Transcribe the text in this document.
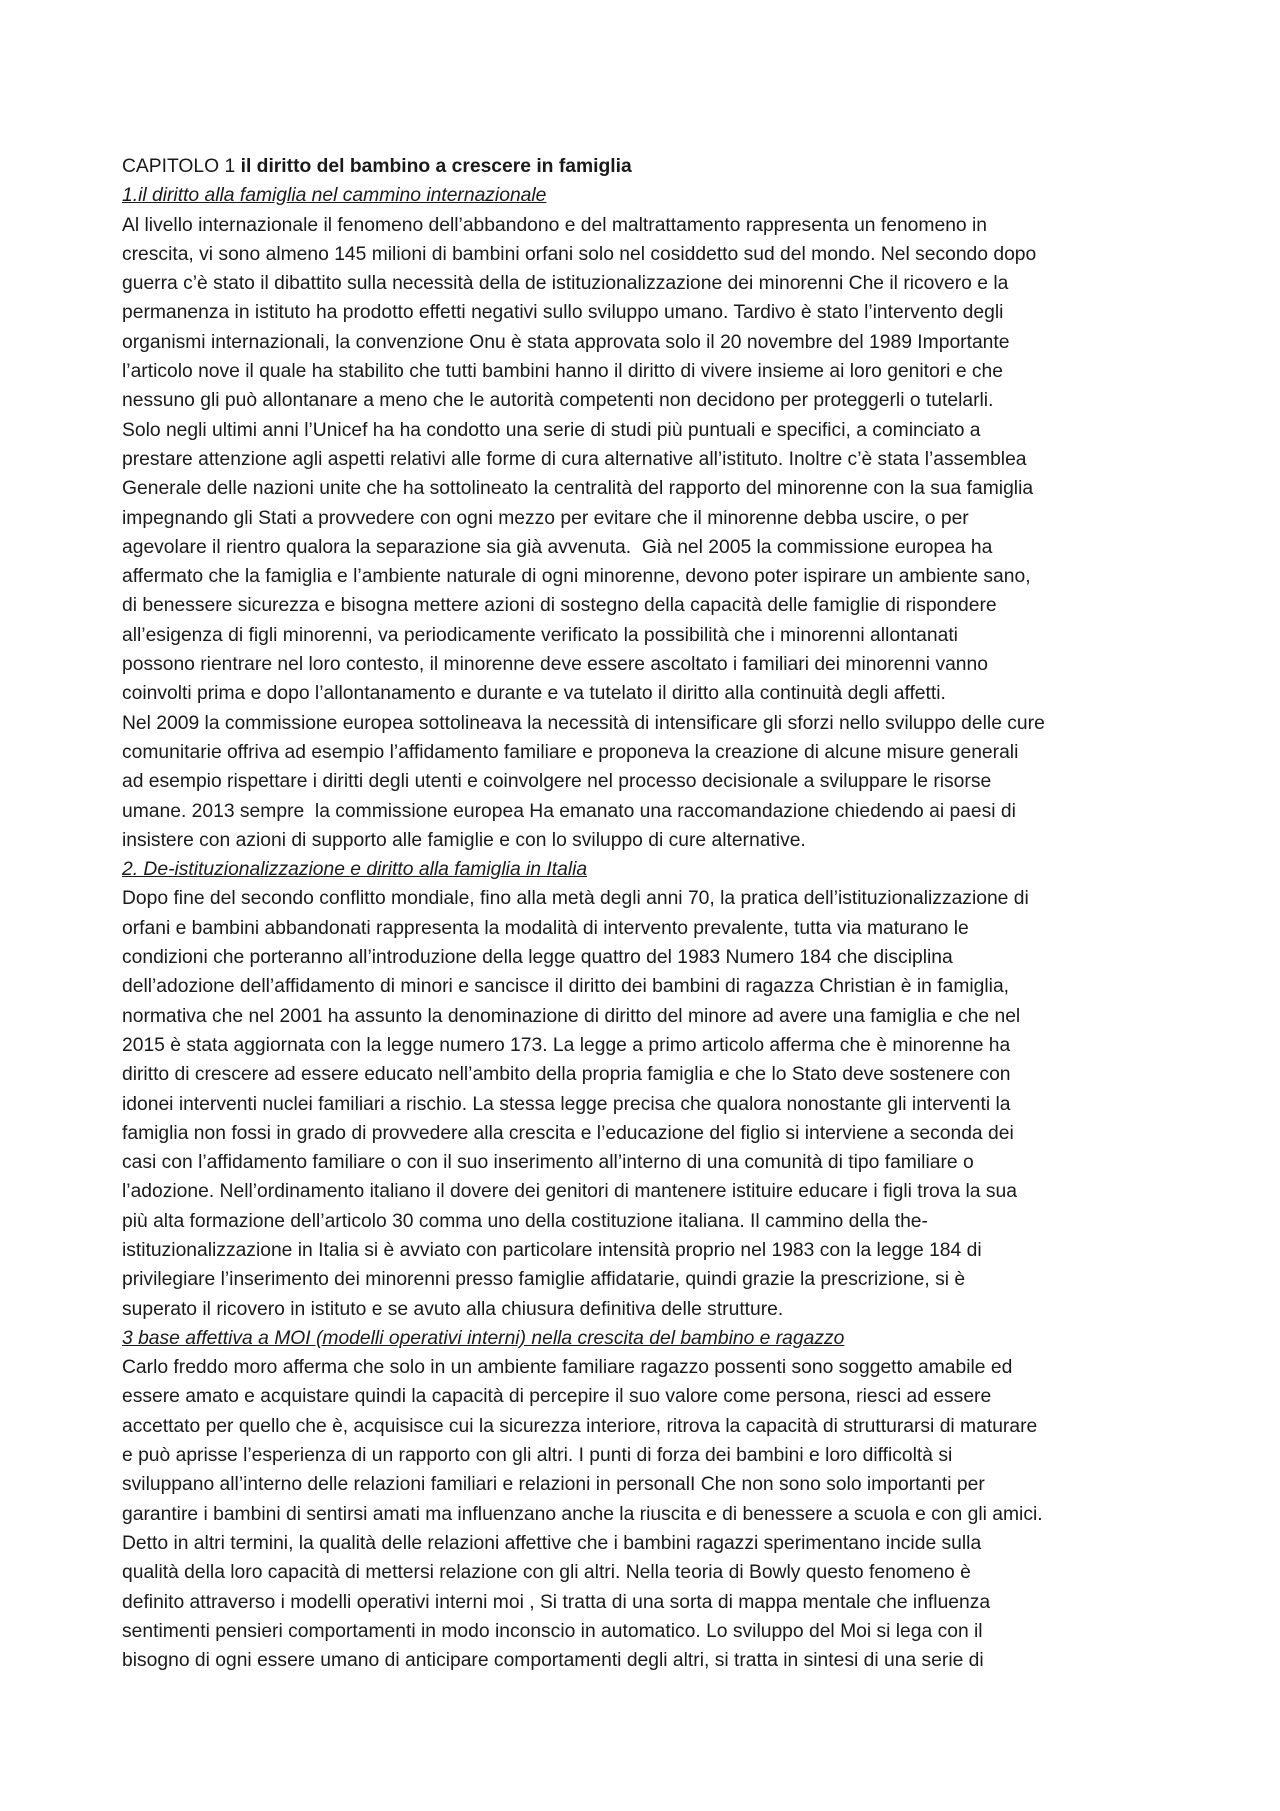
CAPITOLO 1 il diritto del bambino a crescere in famiglia
1.il diritto alla famiglia nel cammino internazionale
Al livello internazionale il fenomeno dell’abbandono e del maltrattamento rappresenta un fenomeno in
crescita, vi sono almeno 145 milioni di bambini orfani solo nel cosiddetto sud del mondo. Nel secondo dopo
guerra c’è stato il dibattito sulla necessità della de istituzionalizzazione dei minorenni Che il ricovero e la
permanenza in istituto ha prodotto effetti negativi sullo sviluppo umano. Tardivo è stato l’intervento degli
organismi internazionali, la convenzione Onu è stata approvata solo il 20 novembre del 1989 Importante
l’articolo nove il quale ha stabilito che tutti bambini hanno il diritto di vivere insieme ai loro genitori e che
nessuno gli può allontanare a meno che le autorità competenti non decidono per proteggerli o tutelarli.
Solo negli ultimi anni l’Unicef ha ha condotto una serie di studi più puntuali e specifici, a cominciato a
prestare attenzione agli aspetti relativi alle forme di cura alternative all’istituto. Inoltre c’è stata l’assemblea
Generale delle nazioni unite che ha sottolineato la centralità del rapporto del minorenne con la sua famiglia
impegnando gli Stati a provvedere con ogni mezzo per evitare che il minorenne debba uscire, o per
agevolare il rientro qualora la separazione sia già avvenuta.  Già nel 2005 la commissione europea ha
affermato che la famiglia e l’ambiente naturale di ogni minorenne, devono poter ispirare un ambiente sano,
di benessere sicurezza e bisogna mettere azioni di sostegno della capacità delle famiglie di rispondere
all’esigenza di figli minorenni, va periodicamente verificato la possibilità che i minorenni allontanati
possono rientrare nel loro contesto, il minorenne deve essere ascoltato i familiari dei minorenni vanno
coinvolti prima e dopo l’allontanamento e durante e va tutelato il diritto alla continuità degli affetti.
Nel 2009 la commissione europea sottolineava la necessità di intensificare gli sforzi nello sviluppo delle cure
comunitarie offriva ad esempio l’affidamento familiare e proponeva la creazione di alcune misure generali
ad esempio rispettare i diritti degli utenti e coinvolgere nel processo decisionale a sviluppare le risorse
umane. 2013 sempre  la commissione europea Ha emanato una raccomandazione chiedendo ai paesi di
insistere con azioni di supporto alle famiglie e con lo sviluppo di cure alternative.
2. De-istituzionalizzazione e diritto alla famiglia in Italia
Dopo fine del secondo conflitto mondiale, fino alla metà degli anni 70, la pratica dell’istituzionalizzazione di
orfani e bambini abbandonati rappresenta la modalità di intervento prevalente, tutta via maturano le
condizioni che porteranno all’introduzione della legge quattro del 1983 Numero 184 che disciplina
dell’adozione dell’affidamento di minori e sancisce il diritto dei bambini di ragazza Christian è in famiglia,
normativa che nel 2001 ha assunto la denominazione di diritto del minore ad avere una famiglia e che nel
2015 è stata aggiornata con la legge numero 173. La legge a primo articolo afferma che è minorenne ha
diritto di crescere ad essere educato nell’ambito della propria famiglia e che lo Stato deve sostenere con
idonei interventi nuclei familiari a rischio. La stessa legge precisa che qualora nonostante gli interventi la
famiglia non fossi in grado di provvedere alla crescita e l’educazione del figlio si interviene a seconda dei
casi con l’affidamento familiare o con il suo inserimento all’interno di una comunità di tipo familiare o
l’adozione. Nell’ordinamento italiano il dovere dei genitori di mantenere istituire educare i figli trova la sua
più alta formazione dell’articolo 30 comma uno della costituzione italiana. Il cammino della the-
istituzionalizzazione in Italia si è avviato con particolare intensità proprio nel 1983 con la legge 184 di
privilegiare l’inserimento dei minorenni presso famiglie affidatarie, quindi grazie la prescrizione, si è
superato il ricovero in istituto e se avuto alla chiusura definitiva delle strutture.
3 base affettiva a MOI (modelli operativi interni) nella crescita del bambino e ragazzo
Carlo freddo moro afferma che solo in un ambiente familiare ragazzo possenti sono soggetto amabile ed
essere amato e acquistare quindi la capacità di percepire il suo valore come persona, riesci ad essere
accettato per quello che è, acquisisce cui la sicurezza interiore, ritrova la capacità di strutturarsi di maturare
e può aprisse l’esperienza di un rapporto con gli altri. I punti di forza dei bambini e loro difficoltà si
sviluppano all’interno delle relazioni familiari e relazioni in personalI Che non sono solo importanti per
garantire i bambini di sentirsi amati ma influenzano anche la riuscita e di benessere a scuola e con gli amici.
Detto in altri termini, la qualità delle relazioni affettive che i bambini ragazzi sperimentano incide sulla
qualità della loro capacità di mettersi relazione con gli altri. Nella teoria di Bowly questo fenomeno è
definito attraverso i modelli operativi interni moi , Si tratta di una sorta di mappa mentale che influenza
sentimenti pensieri comportamenti in modo inconscio in automatico. Lo sviluppo del Moi si lega con il
bisogno di ogni essere umano di anticipare comportamenti degli altri, si tratta in sintesi di una serie di
